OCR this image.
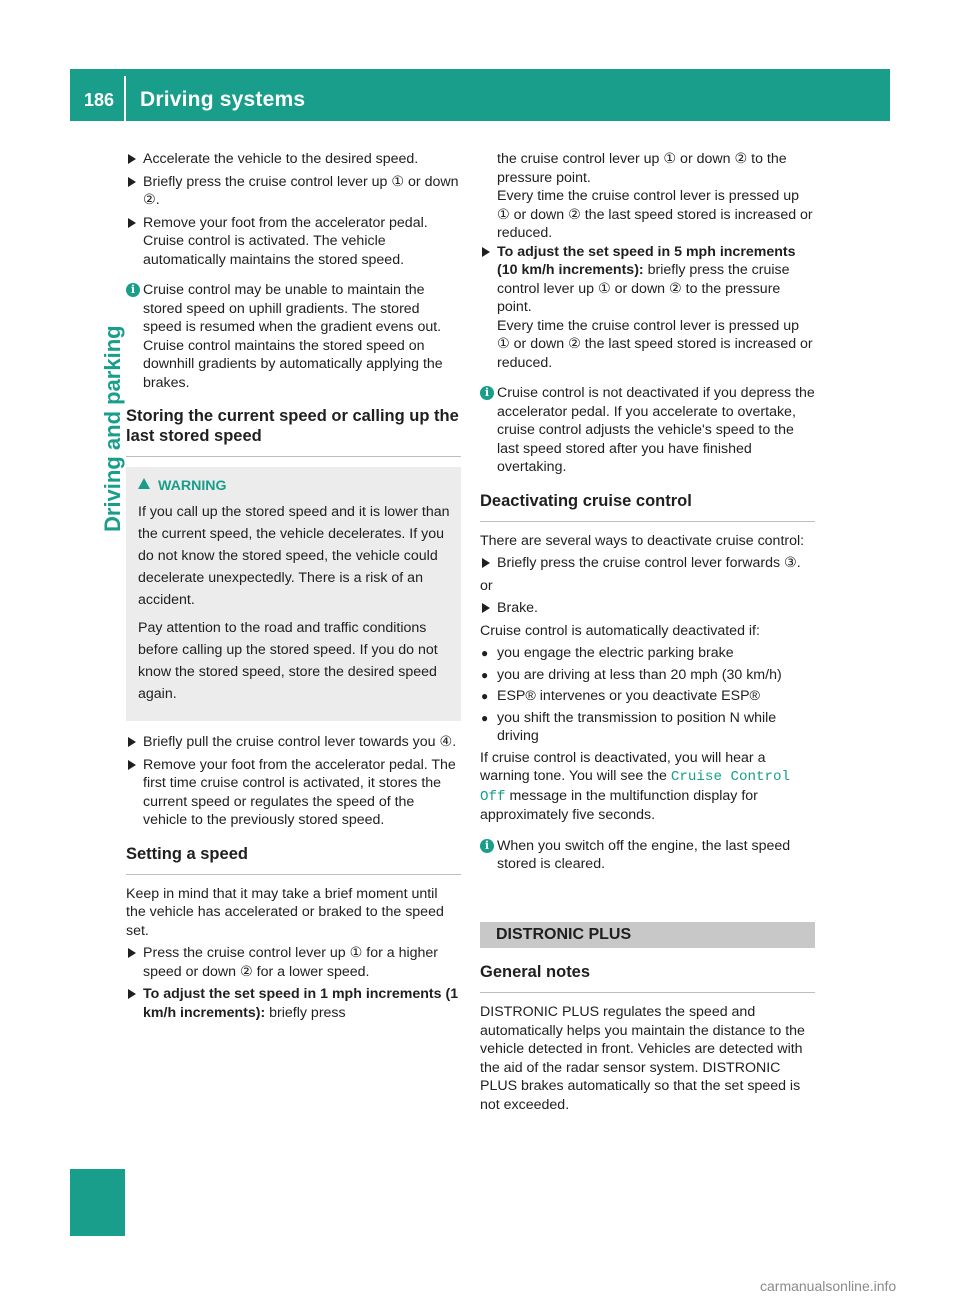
186 Driving systems
Driving and parking
Accelerate the vehicle to the desired speed.
Briefly press the cruise control lever up ① or down ②.
Remove your foot from the accelerator pedal. Cruise control is activated. The vehicle automatically maintains the stored speed.
i Cruise control may be unable to maintain the stored speed on uphill gradients. The stored speed is resumed when the gradient evens out. Cruise control maintains the stored speed on downhill gradients by automatically applying the brakes.
Storing the current speed or calling up the last stored speed
WARNING

If you call up the stored speed and it is lower than the current speed, the vehicle decelerates. If you do not know the stored speed, the vehicle could decelerate unexpectedly. There is a risk of an accident.

Pay attention to the road and traffic conditions before calling up the stored speed. If you do not know the stored speed, store the desired speed again.

Briefly pull the cruise control lever towards you ④.
Remove your foot from the accelerator pedal. The first time cruise control is activated, it stores the current speed or regulates the speed of the vehicle to the previously stored speed.
Setting a speed

Keep in mind that it may take a brief moment until the vehicle has accelerated or braked to the speed set.

Press the cruise control lever up ① for a higher speed or down ② for a lower speed.
To adjust the set speed in 1 mph increments (1 km/h increments): briefly press
the cruise control lever up ① or down ② to the pressure point.
Every time the cruise control lever is pressed up ① or down ② the last speed stored is increased or reduced.
To adjust the set speed in 5 mph increments (10 km/h increments): briefly press the cruise control lever up ① or down ② to the pressure point.
Every time the cruise control lever is pressed up ① or down ② the last speed stored is increased or reduced.
i Cruise control is not deactivated if you depress the accelerator pedal. If you accelerate to overtake, cruise control adjusts the vehicle's speed to the last speed stored after you have finished overtaking.
Deactivating cruise control

There are several ways to deactivate cruise control:

Briefly press the cruise control lever forwards ③.

or

Brake.

Cruise control is automatically deactivated if:

● you engage the electric parking brake
● you are driving at less than 20 mph (30 km/h)
● ESP® intervenes or you deactivate ESP®
● you shift the transmission to position N while driving

If cruise control is deactivated, you will hear a warning tone. You will see the Cruise Control Off message in the multifunction display for approximately five seconds.

i When you switch off the engine, the last speed stored is cleared.
DISTRONIC PLUS
General notes

DISTRONIC PLUS regulates the speed and automatically helps you maintain the distance to the vehicle detected in front. Vehicles are detected with the aid of the radar sensor system. DISTRONIC PLUS brakes automatically so that the set speed is not exceeded.

carmanualsonline.info
